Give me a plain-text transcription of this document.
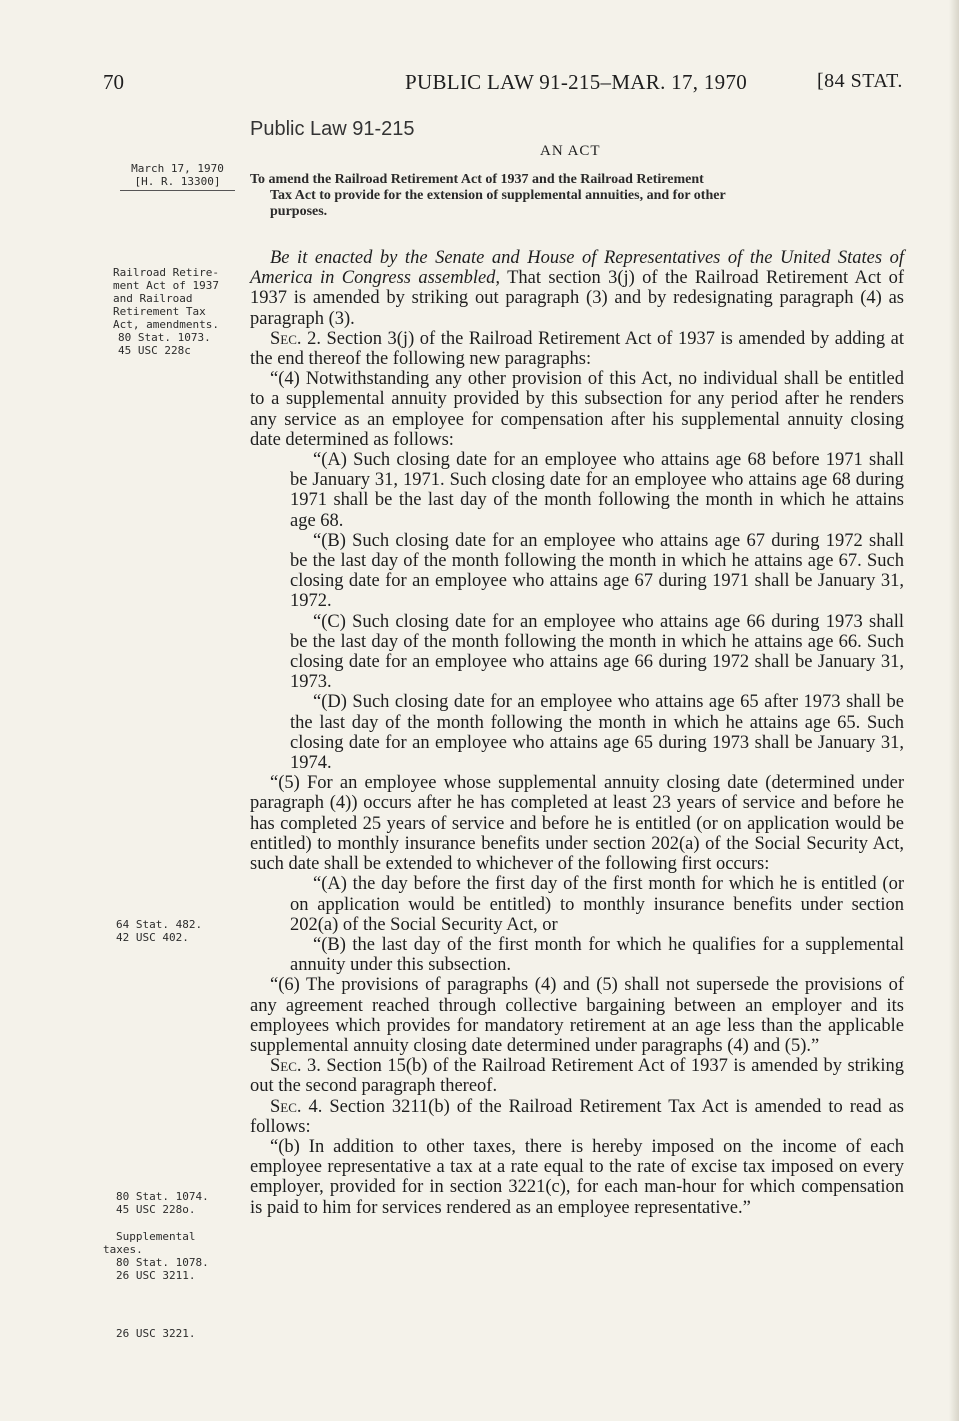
70	PUBLIC LAW 91-215–MAR. 17, 1970	[84 STAT.
Public Law 91-215
AN ACT
To amend the Railroad Retirement Act of 1937 and the Railroad Retirement
Tax Act to provide for the extension of supplemental annuities, and for other
purposes.
March 17, 1970
[H. R. 13300]
Railroad Retire-
ment Act of 1937
and Railroad
Retirement Tax
Act, amendments.
80 Stat. 1073.
45 USC 228c
64 Stat. 482.
42 USC 402.
80 Stat. 1074.
45 USC 228o.
Supplemental
taxes.
80 Stat. 1078.
26 USC 3211.
26 USC 3221.

Be it enacted by the Senate and House of Representatives of the United States of America in Congress assembled, That section 3(j) of the Railroad Retirement Act of 1937 is amended by striking out paragraph (3) and by redesignating paragraph (4) as paragraph (3).

Sec. 2. Section 3(j) of the Railroad Retirement Act of 1937 is amended by adding at the end thereof the following new paragraphs:

“(4) Notwithstanding any other provision of this Act, no individual shall be entitled to a supplemental annuity provided by this subsection for any period after he renders any service as an employee for compensation after his supplemental annuity closing date determined as follows:

“(A) Such closing date for an employee who attains age 68 before 1971 shall be January 31, 1971. Such closing date for an employee who attains age 68 during 1971 shall be the last day of the month following the month in which he attains age 68.

“(B) Such closing date for an employee who attains age 67 during 1972 shall be the last day of the month following the month in which he attains age 67. Such closing date for an employee who attains age 67 during 1971 shall be January 31, 1972.

“(C) Such closing date for an employee who attains age 66 during 1973 shall be the last day of the month following the month in which he attains age 66. Such closing date for an employee who attains age 66 during 1972 shall be January 31, 1973.

“(D) Such closing date for an employee who attains age 65 after 1973 shall be the last day of the month following the month in which he attains age 65. Such closing date for an employee who attains age 65 during 1973 shall be January 31, 1974.

“(5) For an employee whose supplemental annuity closing date (determined under paragraph (4)) occurs after he has completed at least 23 years of service and before he has completed 25 years of service and before he is entitled (or on application would be entitled) to monthly insurance benefits under section 202(a) of the Social Security Act, such date shall be extended to whichever of the following first occurs:

“(A) the day before the first day of the first month for which he is entitled (or on application would be entitled) to monthly insurance benefits under section 202(a) of the Social Security Act, or

“(B) the last day of the first month for which he qualifies for a supplemental annuity under this subsection.

“(6) The provisions of paragraphs (4) and (5) shall not supersede the provisions of any agreement reached through collective bargaining between an employer and its employees which provides for mandatory retirement at an age less than the applicable supplemental annuity closing date determined under paragraphs (4) and (5).”

Sec. 3. Section 15(b) of the Railroad Retirement Act of 1937 is amended by striking out the second paragraph thereof.

Sec. 4. Section 3211(b) of the Railroad Retirement Tax Act is amended to read as follows:

“(b) In addition to other taxes, there is hereby imposed on the income of each employee representative a tax at a rate equal to the rate of excise tax imposed on every employer, provided for in section 3221(c), for each man-hour for which compensation is paid to him for services rendered as an employee representative.”
